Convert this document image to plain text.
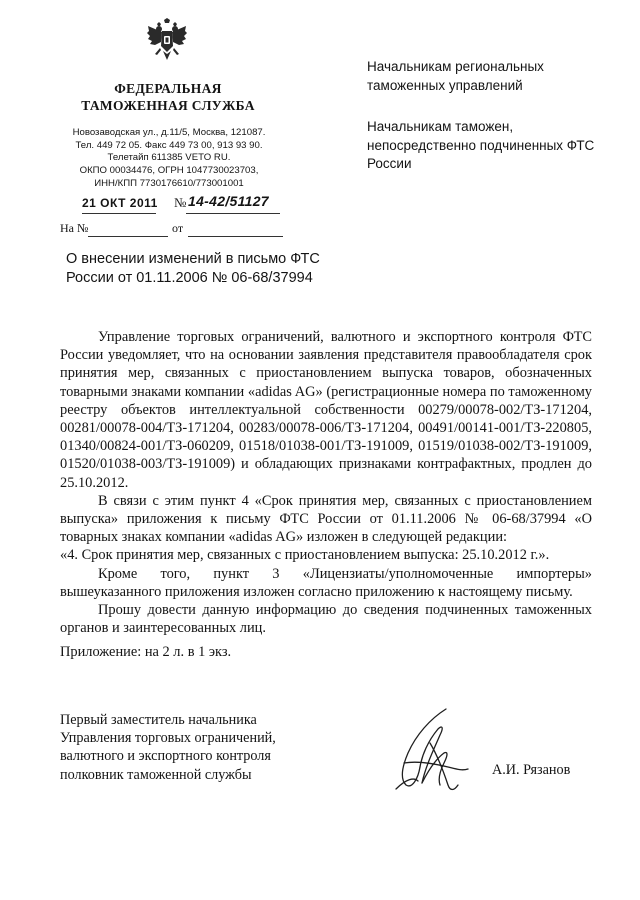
ФЕДЕРАЛЬНАЯ
ТАМОЖЕННАЯ СЛУЖБА
Новозаводская ул., д.11/5, Москва, 121087.
Тел. 449 72 05. Факс 449 73 00, 913 93 90.
Телетайп 611385 VETO RU.
ОКПО 00034476, ОГРН 1047730023703,
ИНН/КПП 7730176610/773001001
21 ОКТ 2011 № 14-42/51127
На №	от
Начальникам региональных таможенных управлений
Начальникам таможен, непосредственно подчиненных ФТС России
О внесении изменений в письмо ФТС России от 01.11.2006 № 06-68/37994

Управление торговых ограничений, валютного и экспортного контроля ФТС России уведомляет, что на основании заявления представителя правообладателя срок принятия мер, связанных с приостановлением выпуска товаров, обозначенных товарными знаками компании «adidas AG» (регистрационные номера по таможенному реестру объектов интеллектуальной собственности 00279/00078-002/ТЗ-171204, 00281/00078-004/ТЗ-171204, 00283/00078-006/ТЗ-171204, 00491/00141-001/ТЗ-220805, 01340/00824-001/ТЗ-060209, 01518/01038-001/ТЗ-191009, 01519/01038-002/ТЗ-191009, 01520/01038-003/ТЗ-191009) и обладающих признаками контрафактных, продлен до 25.10.2012.

В связи с этим пункт 4 «Срок принятия мер, связанных с приостановлением выпуска» приложения к письму ФТС России от 01.11.2006 № 06-68/37994 «О товарных знаках компании «adidas AG» изложен в следующей редакции:

«4. Срок принятия мер, связанных с приостановлением выпуска: 25.10.2012 г.».

Кроме того, пункт 3 «Лицензиаты/уполномоченные импортеры» вышеуказанного приложения изложен согласно приложению к настоящему письму.

Прошу довести данную информацию до сведения подчиненных таможенных органов и заинтересованных лиц.

Приложение: на 2 л. в 1 экз.
Первый заместитель начальника
Управления торговых ограничений,
валютного и экспортного контроля
полковник таможенной службы	А.И. Рязанов
